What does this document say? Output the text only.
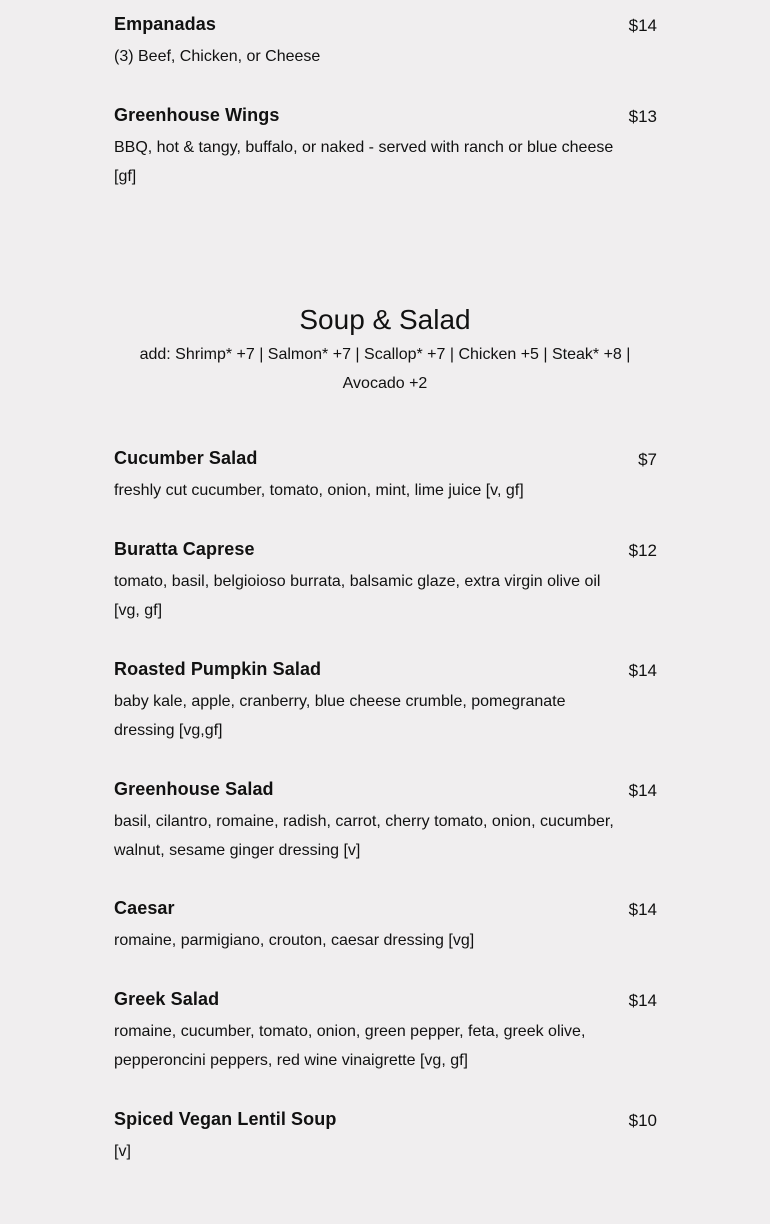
Empanadas	$14
(3) Beef, Chicken, or Cheese
Greenhouse Wings	$13
BBQ, hot & tangy, buffalo, or naked - served with ranch or blue cheese [gf]
Soup & Salad
add: Shrimp* +7 | Salmon* +7 | Scallop* +7 | Chicken +5 | Steak* +8 | Avocado +2
Cucumber Salad	$7
freshly cut cucumber, tomato, onion, mint, lime juice [v, gf]
Buratta Caprese	$12
tomato, basil, belgioioso burrata, balsamic glaze, extra virgin olive oil [vg, gf]
Roasted Pumpkin Salad	$14
baby kale, apple, cranberry, blue cheese crumble, pomegranate dressing [vg,gf]
Greenhouse Salad	$14
basil, cilantro, romaine, radish, carrot, cherry tomato, onion, cucumber, walnut, sesame ginger dressing [v]
Caesar	$14
romaine, parmigiano, crouton, caesar dressing [vg]
Greek Salad	$14
romaine, cucumber, tomato, onion, green pepper, feta, greek olive, pepperoncini peppers, red wine vinaigrette [vg, gf]
Spiced Vegan Lentil Soup	$10
[v]
